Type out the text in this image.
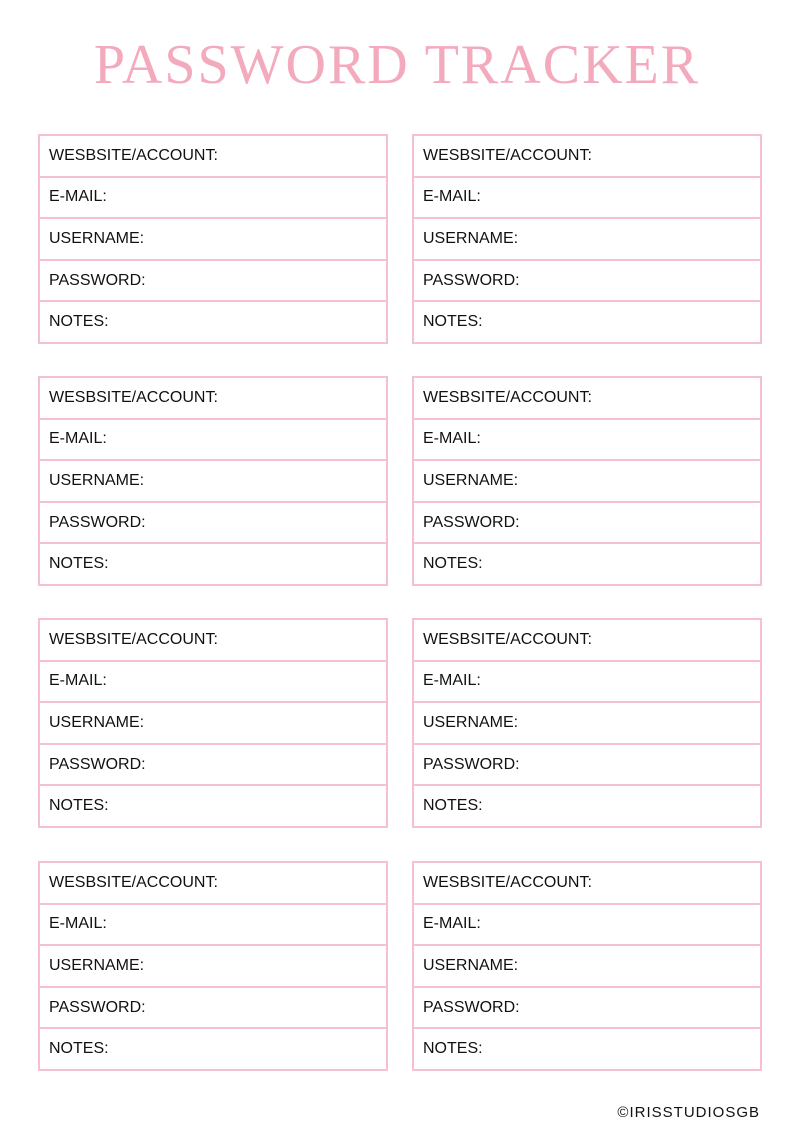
PASSWORD TRACKER
WESBSITE/ACCOUNT:
E-MAIL:
USERNAME:
PASSWORD:
NOTES:
WESBSITE/ACCOUNT:
E-MAIL:
USERNAME:
PASSWORD:
NOTES:
WESBSITE/ACCOUNT:
E-MAIL:
USERNAME:
PASSWORD:
NOTES:
WESBSITE/ACCOUNT:
E-MAIL:
USERNAME:
PASSWORD:
NOTES:
WESBSITE/ACCOUNT:
E-MAIL:
USERNAME:
PASSWORD:
NOTES:
WESBSITE/ACCOUNT:
E-MAIL:
USERNAME:
PASSWORD:
NOTES:
WESBSITE/ACCOUNT:
E-MAIL:
USERNAME:
PASSWORD:
NOTES:
WESBSITE/ACCOUNT:
E-MAIL:
USERNAME:
PASSWORD:
NOTES:
©IRISSTUDIOSGB
